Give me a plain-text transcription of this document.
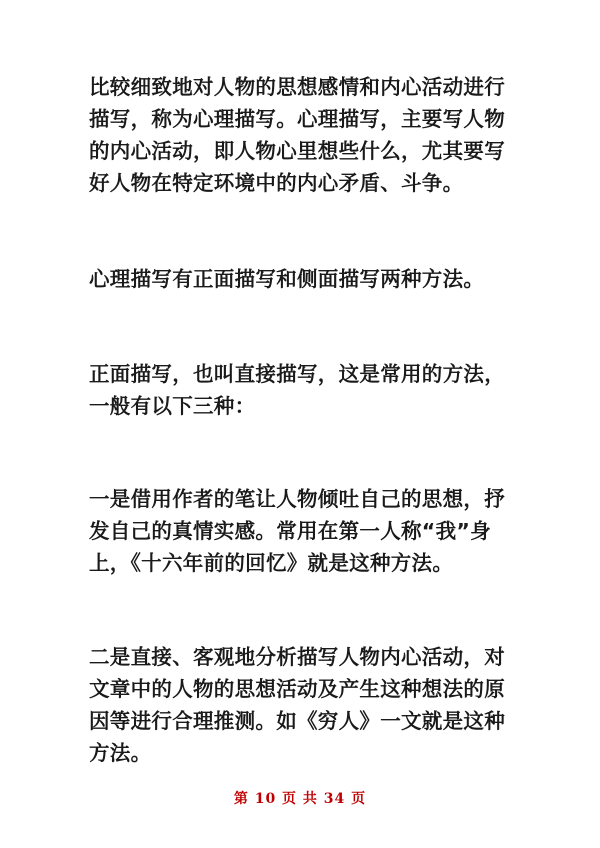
比较细致地对人物的思想感情和内心活动进行描写，称为心理描写。心理描写，主要写人物的内心活动，即人物心里想些什么，尤其要写好人物在特定环境中的内心矛盾、斗争。

心理描写有正面描写和侧面描写两种方法。

正面描写，也叫直接描写，这是常用的方法，一般有以下三种：

一是借用作者的笔让人物倾吐自己的思想，抒发自己的真情实感。常用在第一人称“我”身上，《十六年前的回忆》就是这种方法。

二是直接、客观地分析描写人物内心活动，对文章中的人物的思想活动及产生这种想法的原因等进行合理推测。如《穷人》一文就是这种方法。

第 10 页 共 34 页
